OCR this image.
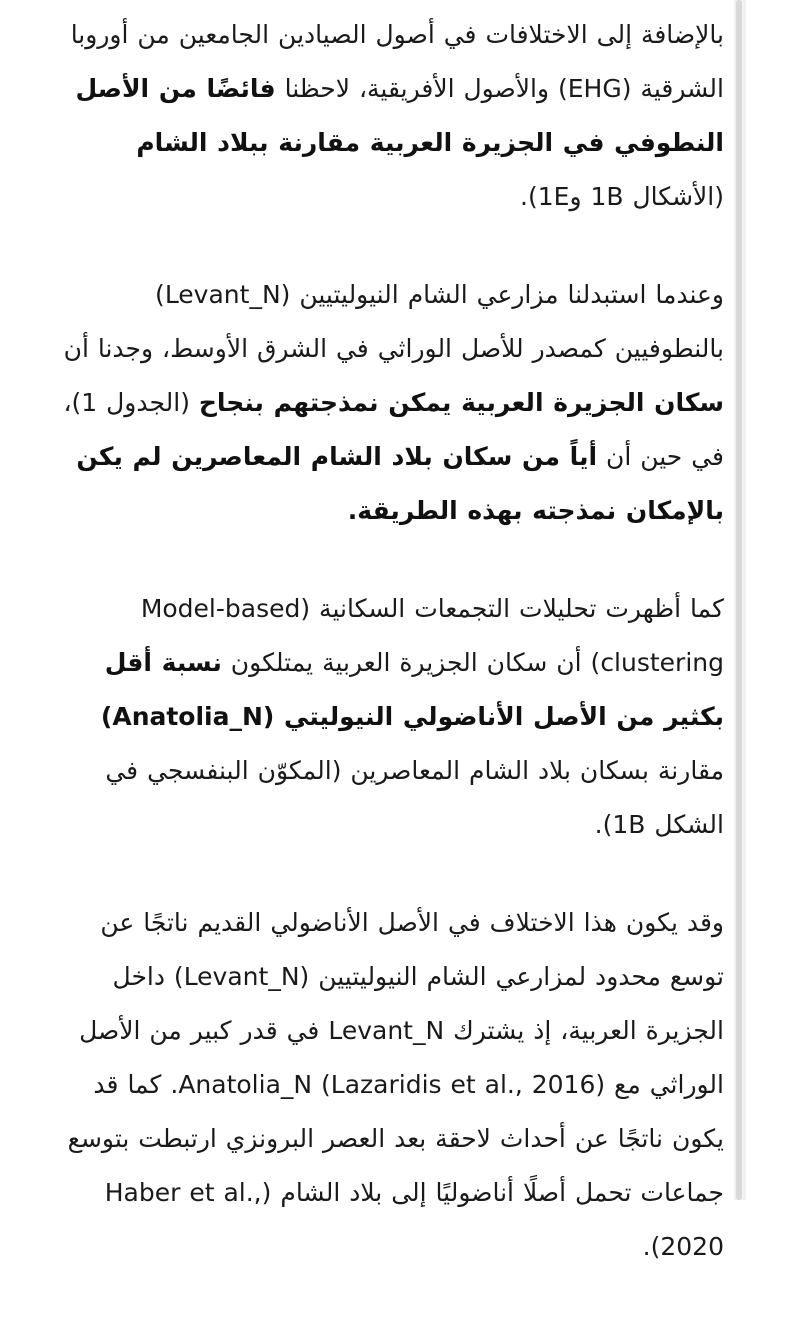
بالإضافة إلى الاختلافات في أصول الصيادين الجامعين من أوروبا الشرقية (EHG) والأصول الأفريقية، لاحظنا فائضًا من الأصل النطوفي في الجزيرة العربية مقارنة ببلاد الشام (الأشكال 1B و1E).

وعندما استبدلنا مزارعي الشام النيوليتيين (Levant_N) بالنطوفيين كمصدر للأصل الوراثي في الشرق الأوسط، وجدنا أن سكان الجزيرة العربية يمكن نمذجتهم بنجاح (الجدول 1)، في حين أن أياً من سكان بلاد الشام المعاصرين لم يكن بالإمكان نمذجته بهذه الطريقة.

كما أظهرت تحليلات التجمعات السكانية (Model-based clustering) أن سكان الجزيرة العربية يمتلكون نسبة أقل بكثير من الأصل الأناضولي النيوليتي (Anatolia_N) مقارنة بسكان بلاد الشام المعاصرين (المكوّن البنفسجي في الشكل 1B).

وقد يكون هذا الاختلاف في الأصل الأناضولي القديم ناتجًا عن توسع محدود لمزارعي الشام النيوليتيين (Levant_N) داخل الجزيرة العربية، إذ يشترك Levant_N في قدر كبير من الأصل الوراثي مع Anatolia_N (Lazaridis et al., 2016). كما قد يكون ناتجًا عن أحداث لاحقة بعد العصر البرونزي ارتبطت بتوسع جماعات تحمل أصلًا أناضوليًا إلى بلاد الشام (Haber et al., 2020).
